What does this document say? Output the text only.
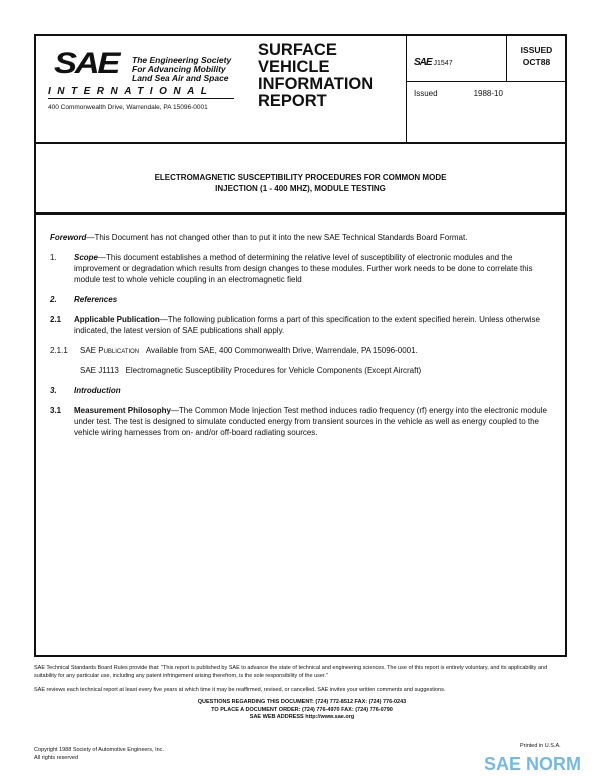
SAE The Engineering Society
For Advancing Mobility
Land Sea Air and Space
INTERNATIONAL
400 Commonwealth Drive, Warrendale, PA 15096-0001
SURFACE
VEHICLE
INFORMATION
REPORT
SAE J1547
ISSUED
OCT88
Issued	1988-10
ELECTROMAGNETIC SUSCEPTIBILITY PROCEDURES FOR COMMON MODE
INJECTION (1 - 400 MHZ), MODULE TESTING

Foreword—This Document has not changed other than to put it into the new SAE Technical Standards Board Format.

1. Scope—This document establishes a method of determining the relative level of susceptibility of electronic modules and the improvement or degradation which results from design changes to these modules. Further work needs to be done to correlate this module test to whole vehicle coupling in an electromagnetic field

2. References

2.1 Applicable Publication—The following publication forms a part of this specification to the extent specified herein. Unless otherwise indicated, the latest version of SAE publications shall apply.

2.1.1 SAE Publication Available from SAE, 400 Commonwealth Drive, Warrendale, PA 15096-0001.

SAE J1113 Electromagnetic Susceptibility Procedures for Vehicle Components (Except Aircraft)

3. Introduction

3.1 Measurement Philosophy—The Common Mode Injection Test method induces radio frequency (rf) energy into the electronic module under test. The test is designed to simulate conducted energy from transient sources in the vehicle as well as energy coupled to the vehicle wiring harnesses from on- and/or off-board radiating sources.

SAE Technical Standards Board Rules provide that: "This report is published by SAE to advance the state of technical and engineering sciences. The use of this report is entirely voluntary, and its applicability and suitability for any particular use, including any patent infringement arising therefrom, is the sole responsibility of the user."
SAE reviews each technical report at least every five years at which time it may be reaffirmed, revised, or cancelled. SAE invites your written comments and suggestions.
QUESTIONS REGARDING THIS DOCUMENT: (724) 772-8512 FAX: (724) 776-0243
TO PLACE A DOCUMENT ORDER: (724) 776-4970 FAX: (724) 776-0790
SAE WEB ADDRESS http://www.sae.org
Copyright 1988 Society of Automotive Engineers, Inc.
All rights reserved
Printed in U.S.A.
SAE NORM
